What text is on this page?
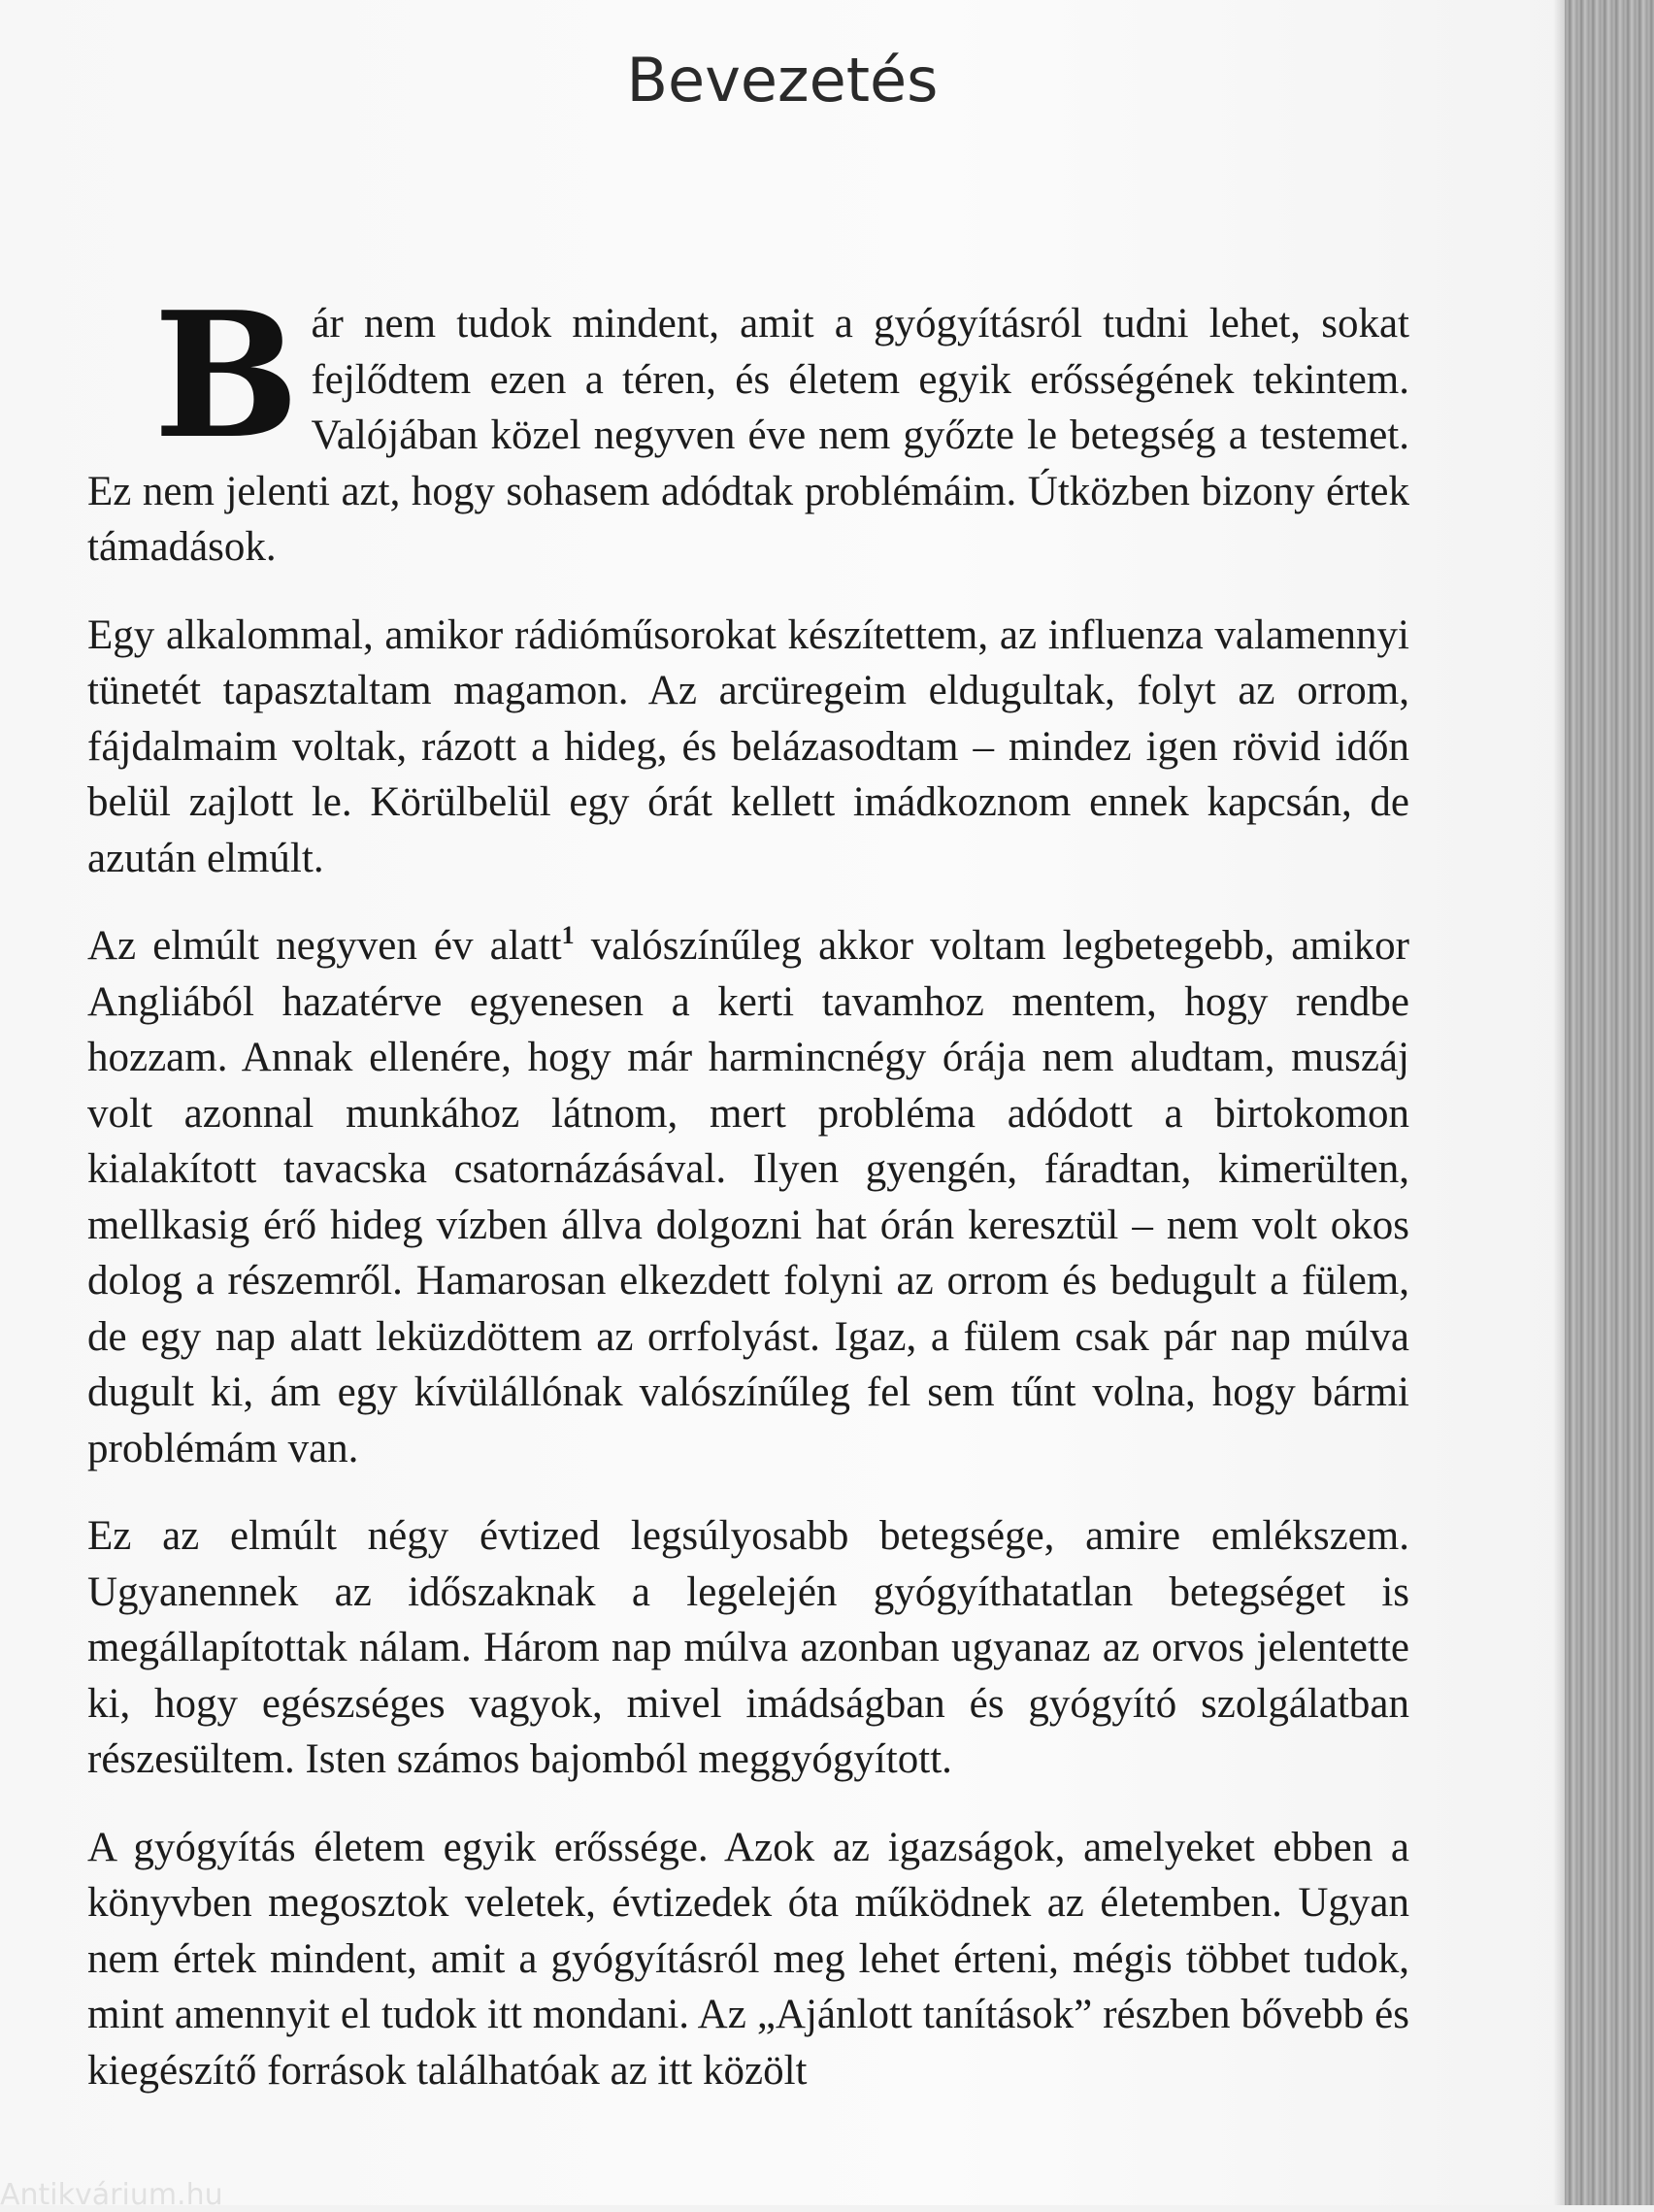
Bevezetés

Bár nem tudok mindent, amit a gyógyításról tudni lehet, sokat fejlődtem ezen a téren, és életem egyik erősségének tekintem. Valójában közel negyven éve nem győzte le betegség a testemet. Ez nem jelenti azt, hogy sohasem adódtak problémáim. Útközben bizony értek támadások.

Egy alkalommal, amikor rádióműsorokat készítettem, az influenza valamennyi tünetét tapasztaltam magamon. Az arcüregeim eldugultak, folyt az orrom, fájdalmaim voltak, rázott a hideg, és belázasodtam – mindez igen rövid időn belül zajlott le. Körülbelül egy órát kellett imádkoznom ennek kapcsán, de azután elmúlt.

Az elmúlt negyven év alatt$^1$ valószínűleg akkor voltam legbetegebb, amikor Angliából hazatérve egyenesen a kerti tavamhoz mentem, hogy rendbe hozzam. Annak ellenére, hogy már harmincnégy órája nem aludtam, muszáj volt azonnal munkához látnom, mert probléma adódott a birtokomon kialakított tavacska csatornázásával. Ilyen gyengén, fáradtan, kimerülten, mellkasig érő hideg vízben állva dolgozni hat órán keresztül – nem volt okos dolog a részemről. Hamarosan elkezdett folyni az orrom és bedugult a fülem, de egy nap alatt leküzdöttem az orrfolyást. Igaz, a fülem csak pár nap múlva dugult ki, ám egy kívülállónak valószínűleg fel sem tűnt volna, hogy bármi problémám van.

Ez az elmúlt négy évtized legsúlyosabb betegsége, amire emlékszem. Ugyanennek az időszaknak a legelején gyógyíthatatlan betegséget is megállapítottak nálam. Három nap múlva azonban ugyanaz az orvos jelentette ki, hogy egészséges vagyok, mivel imádságban és gyógyító szolgálatban részesültem. Isten számos bajomból meggyógyított.

A gyógyítás életem egyik erőssége. Azok az igazságok, amelyeket ebben a könyvben megosztok veletek, évtizedek óta működnek az életemben. Ugyan nem értek mindent, amit a gyógyításról meg lehet érteni, mégis többet tudok, mint amennyit el tudok itt mondani. Az „Ajánlott tanítások” részben bővebb és kiegészítő források találhatóak az itt közölt

Antikvárium.hu
